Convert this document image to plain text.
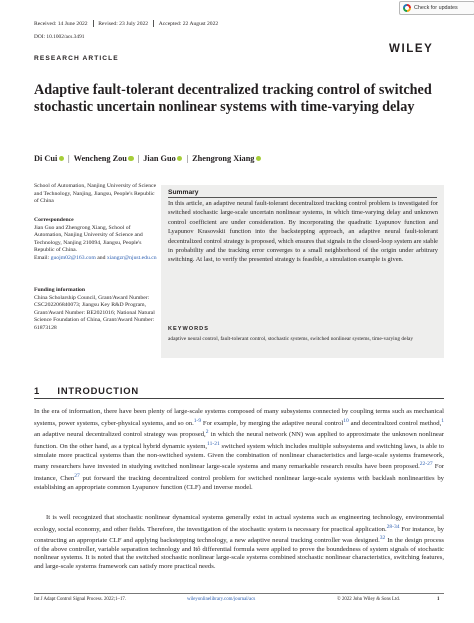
Received: 14 June 2022 Revised: 23 July 2022 Accepted: 22 August 2022
DOI: 10.1002/acs.3491
Check for updates
WILEY
RESEARCH ARTICLE
Adaptive fault-tolerant decentralized tracking control of switched stochastic uncertain nonlinear systems with time-varying delay
Di Cui | Wencheng Zou | Jian Guo | Zhengrong Xiang
School of Automation, Nanjing University of Science and Technology, Nanjing, Jiangsu, People's Republic of China
Correspondence
Jian Guo and Zhengrong Xiang, School of Automation, Nanjing University of Science and Technology, Nanjing 210094, Jiangsu, People's Republic of China.
Email: guojm02@163.com and xiangzr@njust.edu.cn
Funding information
China Scholarship Council, Grant/Award Number: CSC202206840073; Jiangsu Key R&D Program, Grant/Award Number: BE2021016; National Natural Science Foundation of China, Grant/Award Number: 61873128
Summary
In this article, an adaptive neural fault-tolerant decentralized tracking control problem is investigated for switched stochastic large-scale uncertain nonlinear systems, in which time-varying delay and unknown control coefficient are under consideration. By incorporating the quadratic Lyapunov function and Lyapunov Krasovskii function into the backstepping approach, an adaptive neural fault-tolerant decentralized control strategy is proposed, which ensures that signals in the closed-loop system are stable in probability and the tracking error converges to a small neighborhood of the origin under arbitrary switching. At last, to verify the presented strategy is feasible, a simulation example is given.
KEYWORDS
adaptive neural control, fault-tolerant control, stochastic systems, switched nonlinear systems, time-varying delay
1 INTRODUCTION
In the era of information, there have been plenty of large-scale systems composed of many subsystems connected by coupling terms such as mechanical systems, power systems, cyber-physical systems, and so on.$^{1-9}$ For example, by merging the adaptive neural control$^{10}$ and decentralized control method,$^1$ an adaptive neural decentralized control strategy was proposed,$^2$ in which the neural network (NN) was applied to approximate the unknown nonlinear function. On the other hand, as a typical hybrid dynamic system,$^{11-21}$ switched system which includes multiple subsystems and switching laws, is able to simulate more practical systems than the non-switched system. Given the combination of nonlinear characteristics and large-scale systems framework, many researchers have invested in studying switched nonlinear large-scale systems and many remarkable research results have been proposed.$^{22-27}$ For instance, Chen$^{27}$ put forward the tracking decentralized control problem for switched nonlinear large-scale systems with backlash nonlinearities by establishing an appropriate common Lyapunov function (CLF) and inverse model.
It is well recognized that stochastic nonlinear dynamical systems generally exist in actual systems such as engineering technology, environmental ecology, social economy, and other fields. Therefore, the investigation of the stochastic system is necessary for practical application.$^{28-34}$ For instance, by constructing an appropriate CLF and applying backstepping technology, a new adaptive neural tracking controller was designed.$^{32}$ In the design process of the above controller, variable separation technology and Itô differential formula were applied to prove the boundedness of system signals of stochastic nonlinear systems. It is noted that the switched stochastic nonlinear large-scale systems combined stochastic nonlinear characteristics, switching features, and large-scale systems framework can satisfy more practical needs.
Int J Adapt Control Signal Process. 2022;1–17.	wileyonlinelibrary.com/journal/acs	© 2022 John Wiley & Sons Ltd.	1
